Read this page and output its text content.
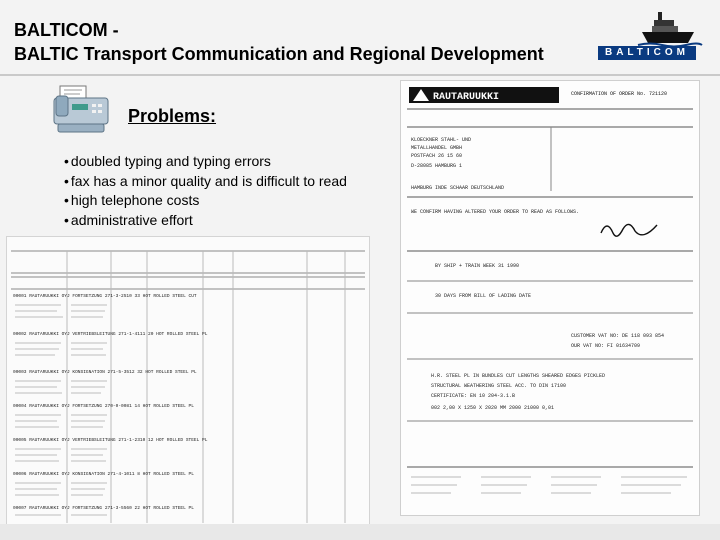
BALTICOM -
BALTIC Transport Communication and Regional Development	BALTICOM
Problems:
• doubled typing and typing errors
• fax has a minor quality and is difficult to read
• high telephone costs
• administrative effort
00001 RAUTARUUKKI OYJ FORTSETZUNG 271-3-2510 33 HOT ROLLED STEEL CUT
00002 RAUTARUUKKI OYJ VERTRIEBSLEITUNG 271-1-4111 20 HOT ROLLED STEEL PL
00003 RAUTARUUKKI OYJ KONSIGNATION 271-5-3512 32 HOT ROLLED STEEL PL
00004 RAUTARUUKKI OYJ FORTSETZUNG 270-0-0081 14 HOT ROLLED STEEL PL
00005 RAUTARUUKKI OYJ VERTRIEBSLEITUNG 271-1-2310 12 HOT ROLLED STEEL PL
00006 RAUTARUUKKI OYJ KONSIGNATION 271-4-1011 8 HOT ROLLED STEEL PL
00007 RAUTARUUKKI OYJ FORTSETZUNG 271-3-5560 22 HOT ROLLED STEEL PL
RAUTARUUKKI	CONFIRMATION OF ORDER No. 721120
KLOECKNER STAHL- UND
METALLHANDEL GMBH
POSTFACH 26 15 60
D-28085 HAMBURG 1
HAMBURG INDE SCHAAR DEUTSCHLAND
WE CONFIRM HAVING ALTERED YOUR ORDER TO READ AS FOLLOWS.
BY SHIP + TRAIN WEEK 31 1990
30 DAYS FROM BILL OF LADING DATE
CUSTOMER VAT NO: DE 118 093 854
OUR VAT NO: FI 01634709
H.R. STEEL PL IN BUNDLES CUT LENGTHS SHEARED EDGES PICKLED
STRUCTURAL WEATHERING STEEL ACC. TO DIN 17100
CERTIFICATE: EN 10 204-3.1.B
002 2,00 X 1250 X 2020 MM 2000 21000 0,01
